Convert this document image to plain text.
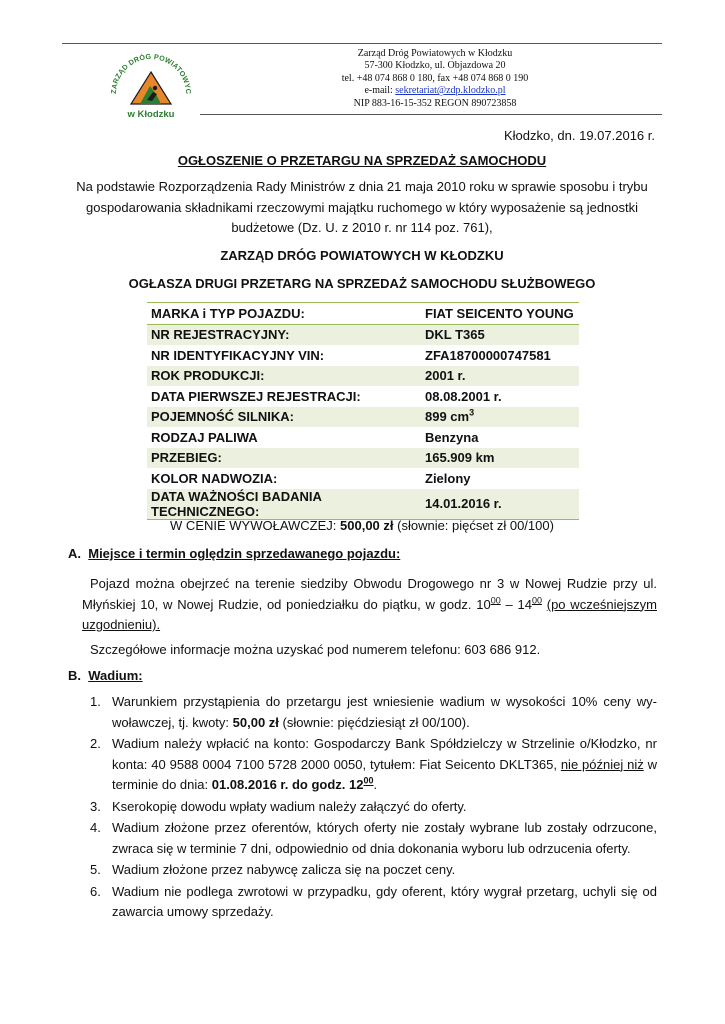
ZARZĄD DRÓG POWIATOWYC
w Kłodzku
Zarząd Dróg Powiatowych w Kłodzku
57-300 Kłodzko, ul. Objazdowa 20
tel. +48 074 868 0 180, fax +48 074 868 0 190
e-mail: sekretariat@zdp.klodzko.pl
NIP 883-16-15-352 REGON 890723858
Kłodzko, dn. 19.07.2016 r.
OGŁOSZENIE O PRZETARGU NA SPRZEDAŻ SAMOCHODU
Na podstawie Rozporządzenia Rady Ministrów z dnia 21 maja 2010 roku w sprawie sposobu i trybu gospodarowania składnikami rzeczowymi majątku ruchomego w który wyposażenie są jednostki budżetowe (Dz. U. z 2010 r. nr 114 poz. 761),
ZARZĄD DRÓG POWIATOWYCH W KŁODZKU
OGŁASZA DRUGI PRZETARG NA SPRZEDAŻ SAMOCHODU SŁUŻBOWEGO
MARKA i TYP POJAZDU:	FIAT SEICENTO YOUNG
NR REJESTRACYJNY:	DKL T365
NR IDENTYFIKACYJNY VIN:	ZFA18700000747581
ROK PRODUKCJI:	2001 r.
DATA PIERWSZEJ REJESTRACJI:	08.08.2001 r.
POJEMNOŚĆ SILNIKA:	899 $cm^3$
RODZAJ PALIWA	Benzyna
PRZEBIEG:	165.909 km
KOLOR NADWOZIA:	Zielony
DATA WAŻNOŚCI BADANIA TECHNICZNEGO:	14.01.2016 r.
W CENIE WYWOŁAWCZEJ: 500,00 zł (słownie: pięćset zł 00/100)
A. Miejsce i termin oględzin sprzedawanego pojazdu:
Pojazd można obejrzeć na terenie siedziby Obwodu Drogowego nr 3 w Nowej Rudzie przy ul. Młyńskiej 10, w Nowej Rudzie, od poniedziałku do piątku, w godz. $10^{00} - 14^{00}$ (po wcześniejszym uzgodnieniu).
Szczegółowe informacje można uzyskać pod numerem telefonu: 603 686 912.
B. Wadium:
1. Warunkiem przystąpienia do przetargu jest wniesienie wadium w wysokości 10% ceny wywoławczej, tj. kwoty: 50,00 zł (słownie: pięćdziesiąt zł 00/100).
2. Wadium należy wpłacić na konto: Gospodarczy Bank Spółdzielczy w Strzelinie o/Kłodzko, nr konta: 40 9588 0004 7100 5728 2000 0050, tytułem: Fiat Seicento DKLT365, nie później niż w terminie do dnia: 01.08.2016 r. do godz. $12^{00}$.
3. Kserokopię dowodu wpłaty wadium należy załączyć do oferty.
4. Wadium złożone przez oferentów, których oferty nie zostały wybrane lub zostały odrzucone, zwraca się w terminie 7 dni, odpowiednio od dnia dokonania wyboru lub odrzucenia oferty.
5. Wadium złożone przez nabywcę zalicza się na poczet ceny.
6. Wadium nie podlega zwrotowi w przypadku, gdy oferent, który wygrał przetarg, uchyli się od zawarcia umowy sprzedaży.
